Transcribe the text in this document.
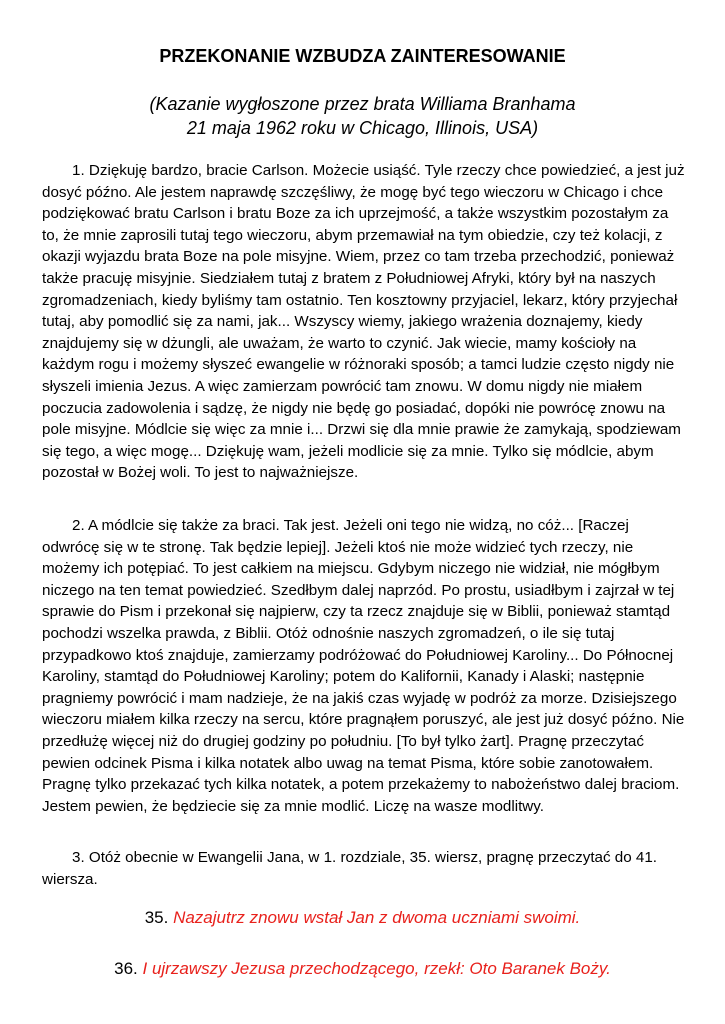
PRZEKONANIE WZBUDZA ZAINTERESOWANIE
(Kazanie wygłoszone przez brata Williama Branhama
21 maja 1962 roku w Chicago, Illinois, USA)
1. Dziękuję bardzo, bracie Carlson. Możecie usiąść. Tyle rzeczy chce powiedzieć, a jest już dosyć późno. Ale jestem naprawdę szczęśliwy, że mogę być tego wieczoru w Chicago i chce podziękować bratu Carlson i bratu Boze za ich uprzejmość, a także wszystkim pozostałym za to, że mnie zaprosili tutaj tego wieczoru, abym przemawiał na tym obiedzie, czy też kolacji, z okazji wyjazdu brata Boze na pole misyjne. Wiem, przez co tam trzeba przechodzić, ponieważ także pracuję misyjnie. Siedziałem tutaj z bratem z Południowej Afryki, który był na naszych zgromadzeniach, kiedy byliśmy tam ostatnio. Ten kosztowny przyjaciel, lekarz, który przyjechał tutaj, aby pomodlić się za nami, jak... Wszyscy wiemy, jakiego wrażenia doznajemy, kiedy znajdujemy się w dżungli, ale uważam, że warto to czynić. Jak wiecie, mamy kościoły na każdym rogu i możemy słyszeć ewangelie w różnoraki sposób; a tamci ludzie często nigdy nie słyszeli imienia Jezus. A więc zamierzam powrócić tam znowu. W domu nigdy nie miałem poczucia zadowolenia i sądzę, że nigdy nie będę go posiadać, dopóki nie powrócę znowu na pole misyjne. Módlcie się więc za mnie i... Drzwi się dla mnie prawie że zamykają, spodziewam się tego, a więc mogę... Dziękuję wam, jeżeli modlicie się za mnie. Tylko się módlcie, abym pozostał w Bożej woli. To jest to najważniejsze.
2. A módlcie się także za braci. Tak jest. Jeżeli oni tego nie widzą, no cóż... [Raczej odwrócę się w te stronę. Tak będzie lepiej]. Jeżeli ktoś nie może widzieć tych rzeczy, nie możemy ich potępiać. To jest całkiem na miejscu. Gdybym niczego nie widział, nie mógłbym niczego na ten temat powiedzieć. Szedłbym dalej naprzód. Po prostu, usiadłbym i zajrzał w tej sprawie do Pism i przekonał się najpierw, czy ta rzecz znajduje się w Biblii, ponieważ stamtąd pochodzi wszelka prawda, z Biblii. Otóż odnośnie naszych zgromadzeń, o ile się tutaj przypadkowo ktoś znajduje, zamierzamy podróżować do Południowej Karoliny... Do Północnej Karoliny, stamtąd do Południowej Karoliny; potem do Kalifornii, Kanady i Alaski; następnie pragniemy powrócić i mam nadzieje, że na jakiś czas wyjadę w podróż za morze. Dzisiejszego wieczoru miałem kilka rzeczy na sercu, które pragnąłem poruszyć, ale jest już dosyć późno. Nie przedłużę więcej niż do drugiej godziny po południu. [To był tylko żart]. Pragnę przeczytać pewien odcinek Pisma i kilka notatek albo uwag na temat Pisma, które sobie zanotowałem. Pragnę tylko przekazać tych kilka notatek, a potem przekażemy to nabożeństwo dalej braciom. Jestem pewien, że będziecie się za mnie modlić. Liczę na wasze modlitwy.
3. Otóż obecnie w Ewangelii Jana, w 1. rozdziale, 35. wiersz, pragnę przeczytać do 41. wiersza.
35. Nazajutrz znowu wstał Jan z dwoma uczniami swoimi.
36. I ujrzawszy Jezusa przechodzącego, rzekł: Oto Baranek Boży.
